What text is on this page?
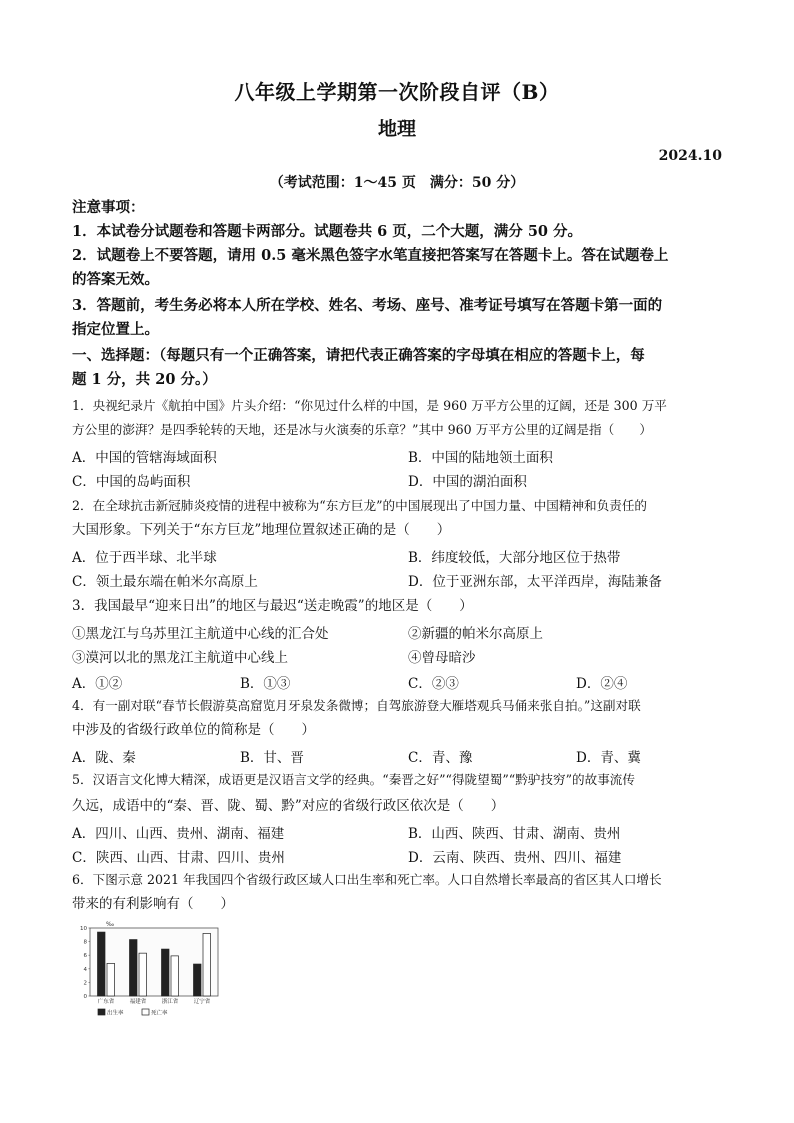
八年级上学期第一次阶段自评（B）
地理
2024.10
（考试范围：1～45 页　满分：50 分）
注意事项：
1．本试卷分试题卷和答题卡两部分。试题卷共 6 页，二个大题，满分 50 分。
2．试题卷上不要答题，请用 0.5 毫米黑色签字水笔直接把答案写在答题卡上。答在试题卷上
的答案无效。
3．答题前，考生务必将本人所在学校、姓名、考场、座号、准考证号填写在答题卡第一面的
指定位置上。
一、选择题：（每题只有一个正确答案，请把代表正确答案的字母填在相应的答题卡上，每
题 1 分，共 20 分。）
1．央视纪录片《航拍中国》片头介绍：“你见过什么样的中国，是 960 万平方公里的辽阔，还是 300 万平
方公里的澎湃？是四季轮转的天地，还是冰与火演奏的乐章？”其中 960 万平方公里的辽阔是指（　　）
A．中国的管辖海域面积	B．中国的陆地领土面积
C．中国的岛屿面积	D．中国的湖泊面积
2．在全球抗击新冠肺炎疫情的进程中被称为“东方巨龙”的中国展现出了中国力量、中国精神和负责任的
大国形象。下列关于“东方巨龙”地理位置叙述正确的是（　　）
A．位于西半球、北半球	B．纬度较低，大部分地区位于热带
C．领土最东端在帕米尔高原上	D．位于亚洲东部，太平洋西岸，海陆兼备
3．我国最早“迎来日出”的地区与最迟“送走晚霞”的地区是（　　）
①黑龙江与乌苏里江主航道中心线的汇合处	②新疆的帕米尔高原上
③漠河以北的黑龙江主航道中心线上	④曾母暗沙
A．①②	B．①③	C．②③	D．②④
4．有一副对联“春节长假游莫高窟览月牙泉发条微博；自驾旅游登大雁塔观兵马俑来张自拍。”这副对联
中涉及的省级行政单位的简称是（　　）
A．陇、秦	B．甘、晋	C．青、豫	D．青、冀
5．汉语言文化博大精深，成语更是汉语言文学的经典。“秦晋之好”“得陇望蜀”“黔驴技穷”的故事流传
久远，成语中的“秦、晋、陇、蜀、黔”对应的省级行政区依次是（　　）
A．四川、山西、贵州、湖南、福建	B．山西、陕西、甘肃、湖南、贵州
C．陕西、山西、甘肃、四川、贵州	D．云南、陕西、贵州、四川、福建
6．下图示意 2021 年我国四个省级行政区域人口出生率和死亡率。人口自然增长率最高的省区其人口增长
带来的有利影响有（　　）
‰
10
8
6
4
2
0
广东省	福建省	浙江省	辽宁省
出生率	死亡率
